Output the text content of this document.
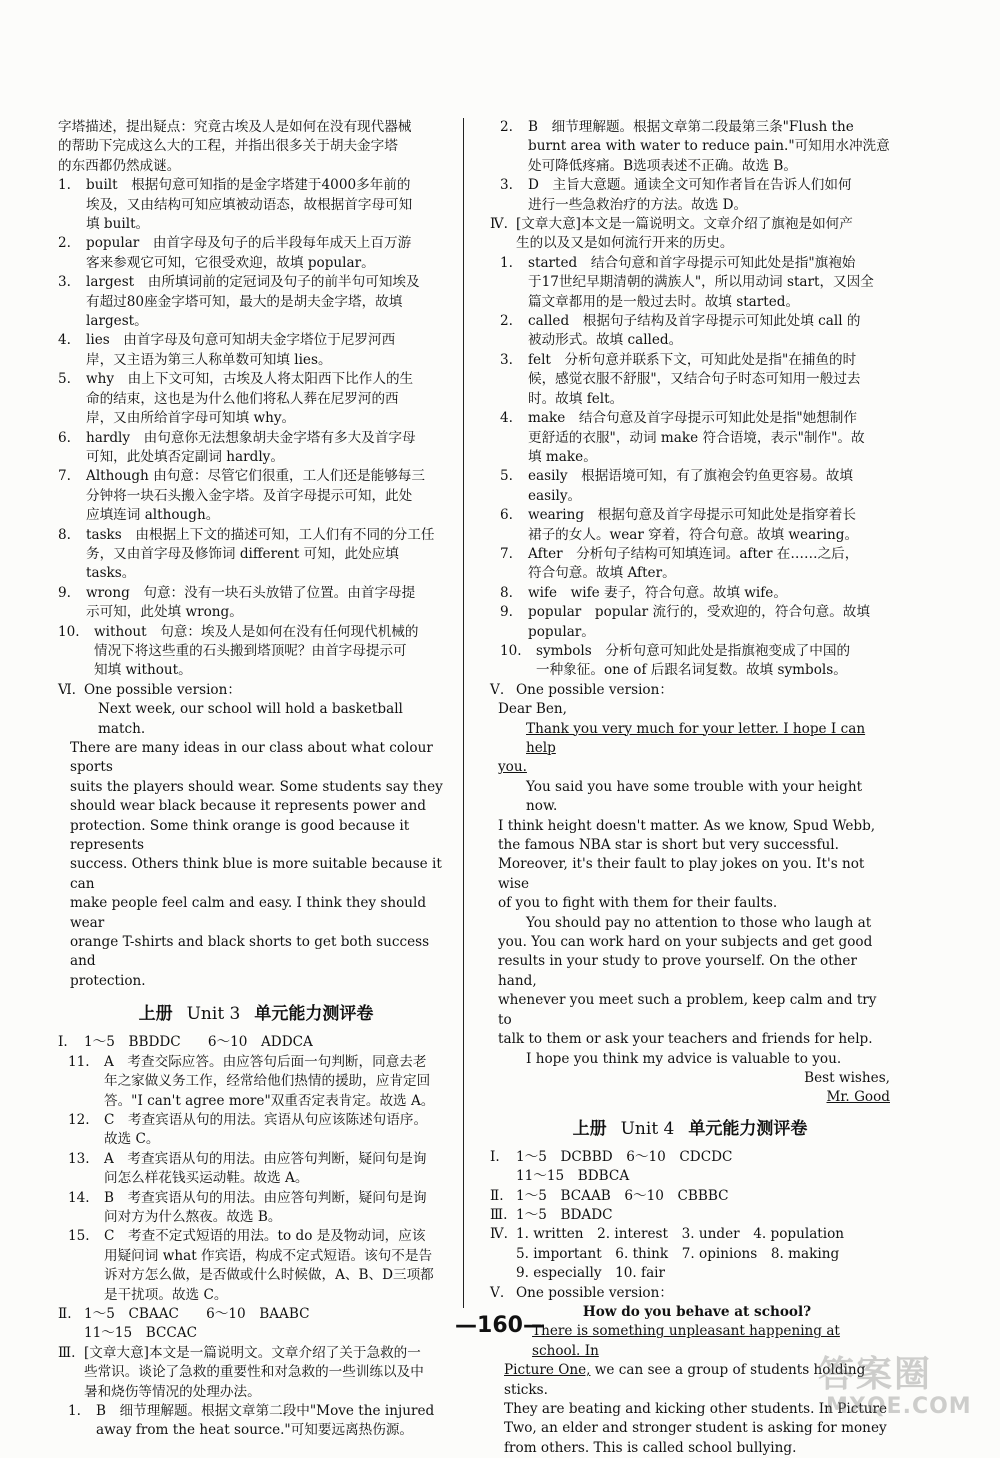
字塔描述，提出疑点：究竟古埃及人是如何在没有现代器械

的帮助下完成这么大的工程，并指出很多关于胡夫金字塔

的东西都仍然成谜。

1. built　根据句意可知指的是金字塔建于4000多年前的

埃及，又由结构可知应填被动语态，故根据首字母可知

填 built。

2. popular　由首字母及句子的后半段每年成天上百万游

客来参观它可知，它很受欢迎，故填 popular。

3. largest　由所填词前的定冠词及句子的前半句可知埃及

有超过80座金字塔可知，最大的是胡夫金字塔，故填

largest。

4. lies　由首字母及句意可知胡夫金字塔位于尼罗河西

岸，又主语为第三人称单数可知填 lies。

5. why　由上下文可知，古埃及人将太阳西下比作人的生

命的结束，这也是为什么他们将私人葬在尼罗河的西

岸，又由所给首字母可知填 why。

6. hardly　由句意你无法想象胡夫金字塔有多大及首字母

可知，此处填否定副词 hardly。

7. Although 由句意：尽管它们很重，工人们还是能够每三

分钟将一块石头搬入金字塔。及首字母提示可知，此处

应填连词 although。

8. tasks　由根据上下文的描述可知，工人们有不同的分工任

务，又由首字母及修饰词 different 可知，此处应填

tasks。

9. wrong　句意：没有一块石头放错了位置。由首字母提

示可知，此处填 wrong。

10. without　句意：埃及人是如何在没有任何现代机械的

情况下将这些重的石头搬到塔顶呢？由首字母提示可

知填 without。

Ⅵ. One possible version：

Next week, our school will hold a basketball match.

There are many ideas in our class about what colour sports

suits the players should wear. Some students say they

should wear black because it represents power and

protection. Some think orange is good because it represents

success. Others think blue is more suitable because it can

make people feel calm and easy. I think they should wear

orange T-shirts and black shorts to get both success and

protection.

上册 Unit 3 单元能力测评卷
Ⅰ. 1～5　BBDDC　　6～10　ADDCA

11. A　考查交际应答。由应答句后面一句判断，同意去老

年之家做义务工作，经常给他们热情的援助，应肯定回

答。"I can't agree more"双重否定表肯定。故选 A。

12. C　考查宾语从句的用法。宾语从句应该陈述句语序。

故选 C。

13. A　考查宾语从句的用法。由应答句判断，疑问句是询

问怎么样花钱买运动鞋。故选 A。

14. B　考查宾语从句的用法。由应答句判断，疑问句是询

问对方为什么熬夜。故选 B。

15. C　考查不定式短语的用法。to do 是及物动词，应该

用疑问词 what 作宾语，构成不定式短语。该句不是告

诉对方怎么做，是否做或什么时候做，A、B、D三项都

是干扰项。故选 C。

Ⅱ. 1～5　CBAAC　　6～10　BAABC

11～15　BCCAC

Ⅲ. [文章大意]本文是一篇说明文。文章介绍了关于急救的一

些常识。谈论了急救的重要性和对急救的一些训练以及中

暑和烧伤等情况的处理办法。

1. B　细节理解题。根据文章第二段中"Move the injured

away from the heat source."可知要远离热伤源。

2. B　细节理解题。根据文章第二段最第三条"Flush the

burnt area with water to reduce pain."可知用水冲洗意

处可降低疼痛。B选项表述不正确。故选 B。

3. D　主旨大意题。通读全文可知作者旨在告诉人们如何

进行一些急救治疗的方法。故选 D。

Ⅳ. [文章大意]本文是一篇说明文。文章介绍了旗袍是如何产

生的以及又是如何流行开来的历史。

1. started　结合句意和首字母提示可知此处是指"旗袍始

于17世纪早期清朝的满族人"，所以用动词 start，又因全

篇文章都用的是一般过去时。故填 started。

2. called　根据句子结构及首字母提示可知此处填 call 的

被动形式。故填 called。

3. felt　分析句意并联系下文，可知此处是指"在捕鱼的时

候，感觉衣服不舒服"，又结合句子时态可知用一般过去

时。故填 felt。

4. make　结合句意及首字母提示可知此处是指"她想制作

更舒适的衣服"，动词 make 符合语境，表示"制作"。故

填 make。

5. easily　根据语境可知，有了旗袍会钓鱼更容易。故填

easily。

6. wearing　根据句意及首字母提示可知此处是指穿着长

裙子的女人。wear 穿着，符合句意。故填 wearing。

7. After　分析句子结构可知填连词。after 在……之后，

符合句意。故填 After。

8. wife　wife 妻子，符合句意。故填 wife。

9. popular　popular 流行的，受欢迎的，符合句意。故填

popular。

10. symbols　分析句意可知此处是指旗袍变成了中国的

一种象征。one of 后跟名词复数。故填 symbols。

Ⅴ. One possible version：

Dear Ben,

Thank you very much for your letter. I hope I can help

you.

You said you have some trouble with your height now.

I think height doesn't matter. As we know, Spud Webb,

the famous NBA star is short but very successful.

Moreover, it's their fault to play jokes on you. It's not wise

of you to fight with them for their faults.

You should pay no attention to those who laugh at

you. You can work hard on your subjects and get good

results in your study to prove yourself. On the other hand,

whenever you meet such a problem, keep calm and try to

talk to them or ask your teachers and friends for help.

I hope you think my advice is valuable to you.

Best wishes,

Mr. Good

上册 Unit 4 单元能力测评卷
Ⅰ. 1～5　DCBBD　6～10　CDCDC

11～15　BDBCA

Ⅱ. 1～5　BCAAB　6～10　CBBBC

Ⅲ. 1～5　BDADC

Ⅳ. 1. written　2. interest　3. under　4. population

5. important　6. think　7. opinions　8. making

9. especially　10. fair

Ⅴ. One possible version：

How do you behave at school?

There is something unpleasant happening at school. In

Picture One, we can see a group of students holding sticks.

They are beating and kicking other students. In Picture

Two, an elder and stronger student is asking for money

from others. This is called school bullying.

—160—
答案圈
MXQE.COM
